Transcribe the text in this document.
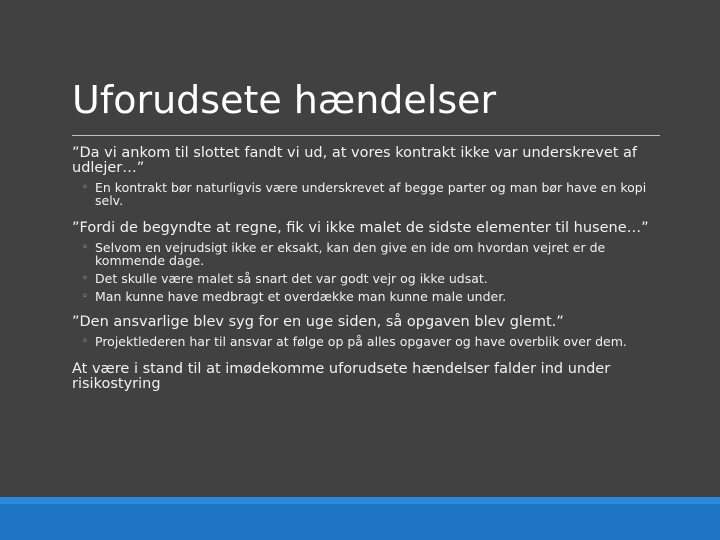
Uforudsete hændelser

”Da vi ankom til slottet fandt vi ud, at vores kontrakt ikke var underskrevet af udlejer…”

◦ En kontrakt bør naturligvis være underskrevet af begge parter og man bør have en kopi selv.

”Fordi de begyndte at regne, fik vi ikke malet de sidste elementer til husene…”

◦ Selvom en vejrudsigt ikke er eksakt, kan den give en ide om hvordan vejret er de kommende dage.
◦ Det skulle være malet så snart det var godt vejr og ikke udsat.
◦ Man kunne have medbragt et overdække man kunne male under.

”Den ansvarlige blev syg for en uge siden, så opgaven blev glemt.”

◦ Projektlederen har til ansvar at følge op på alles opgaver og have overblik over dem.

At være i stand til at imødekomme uforudsete hændelser falder ind under risikostyring
